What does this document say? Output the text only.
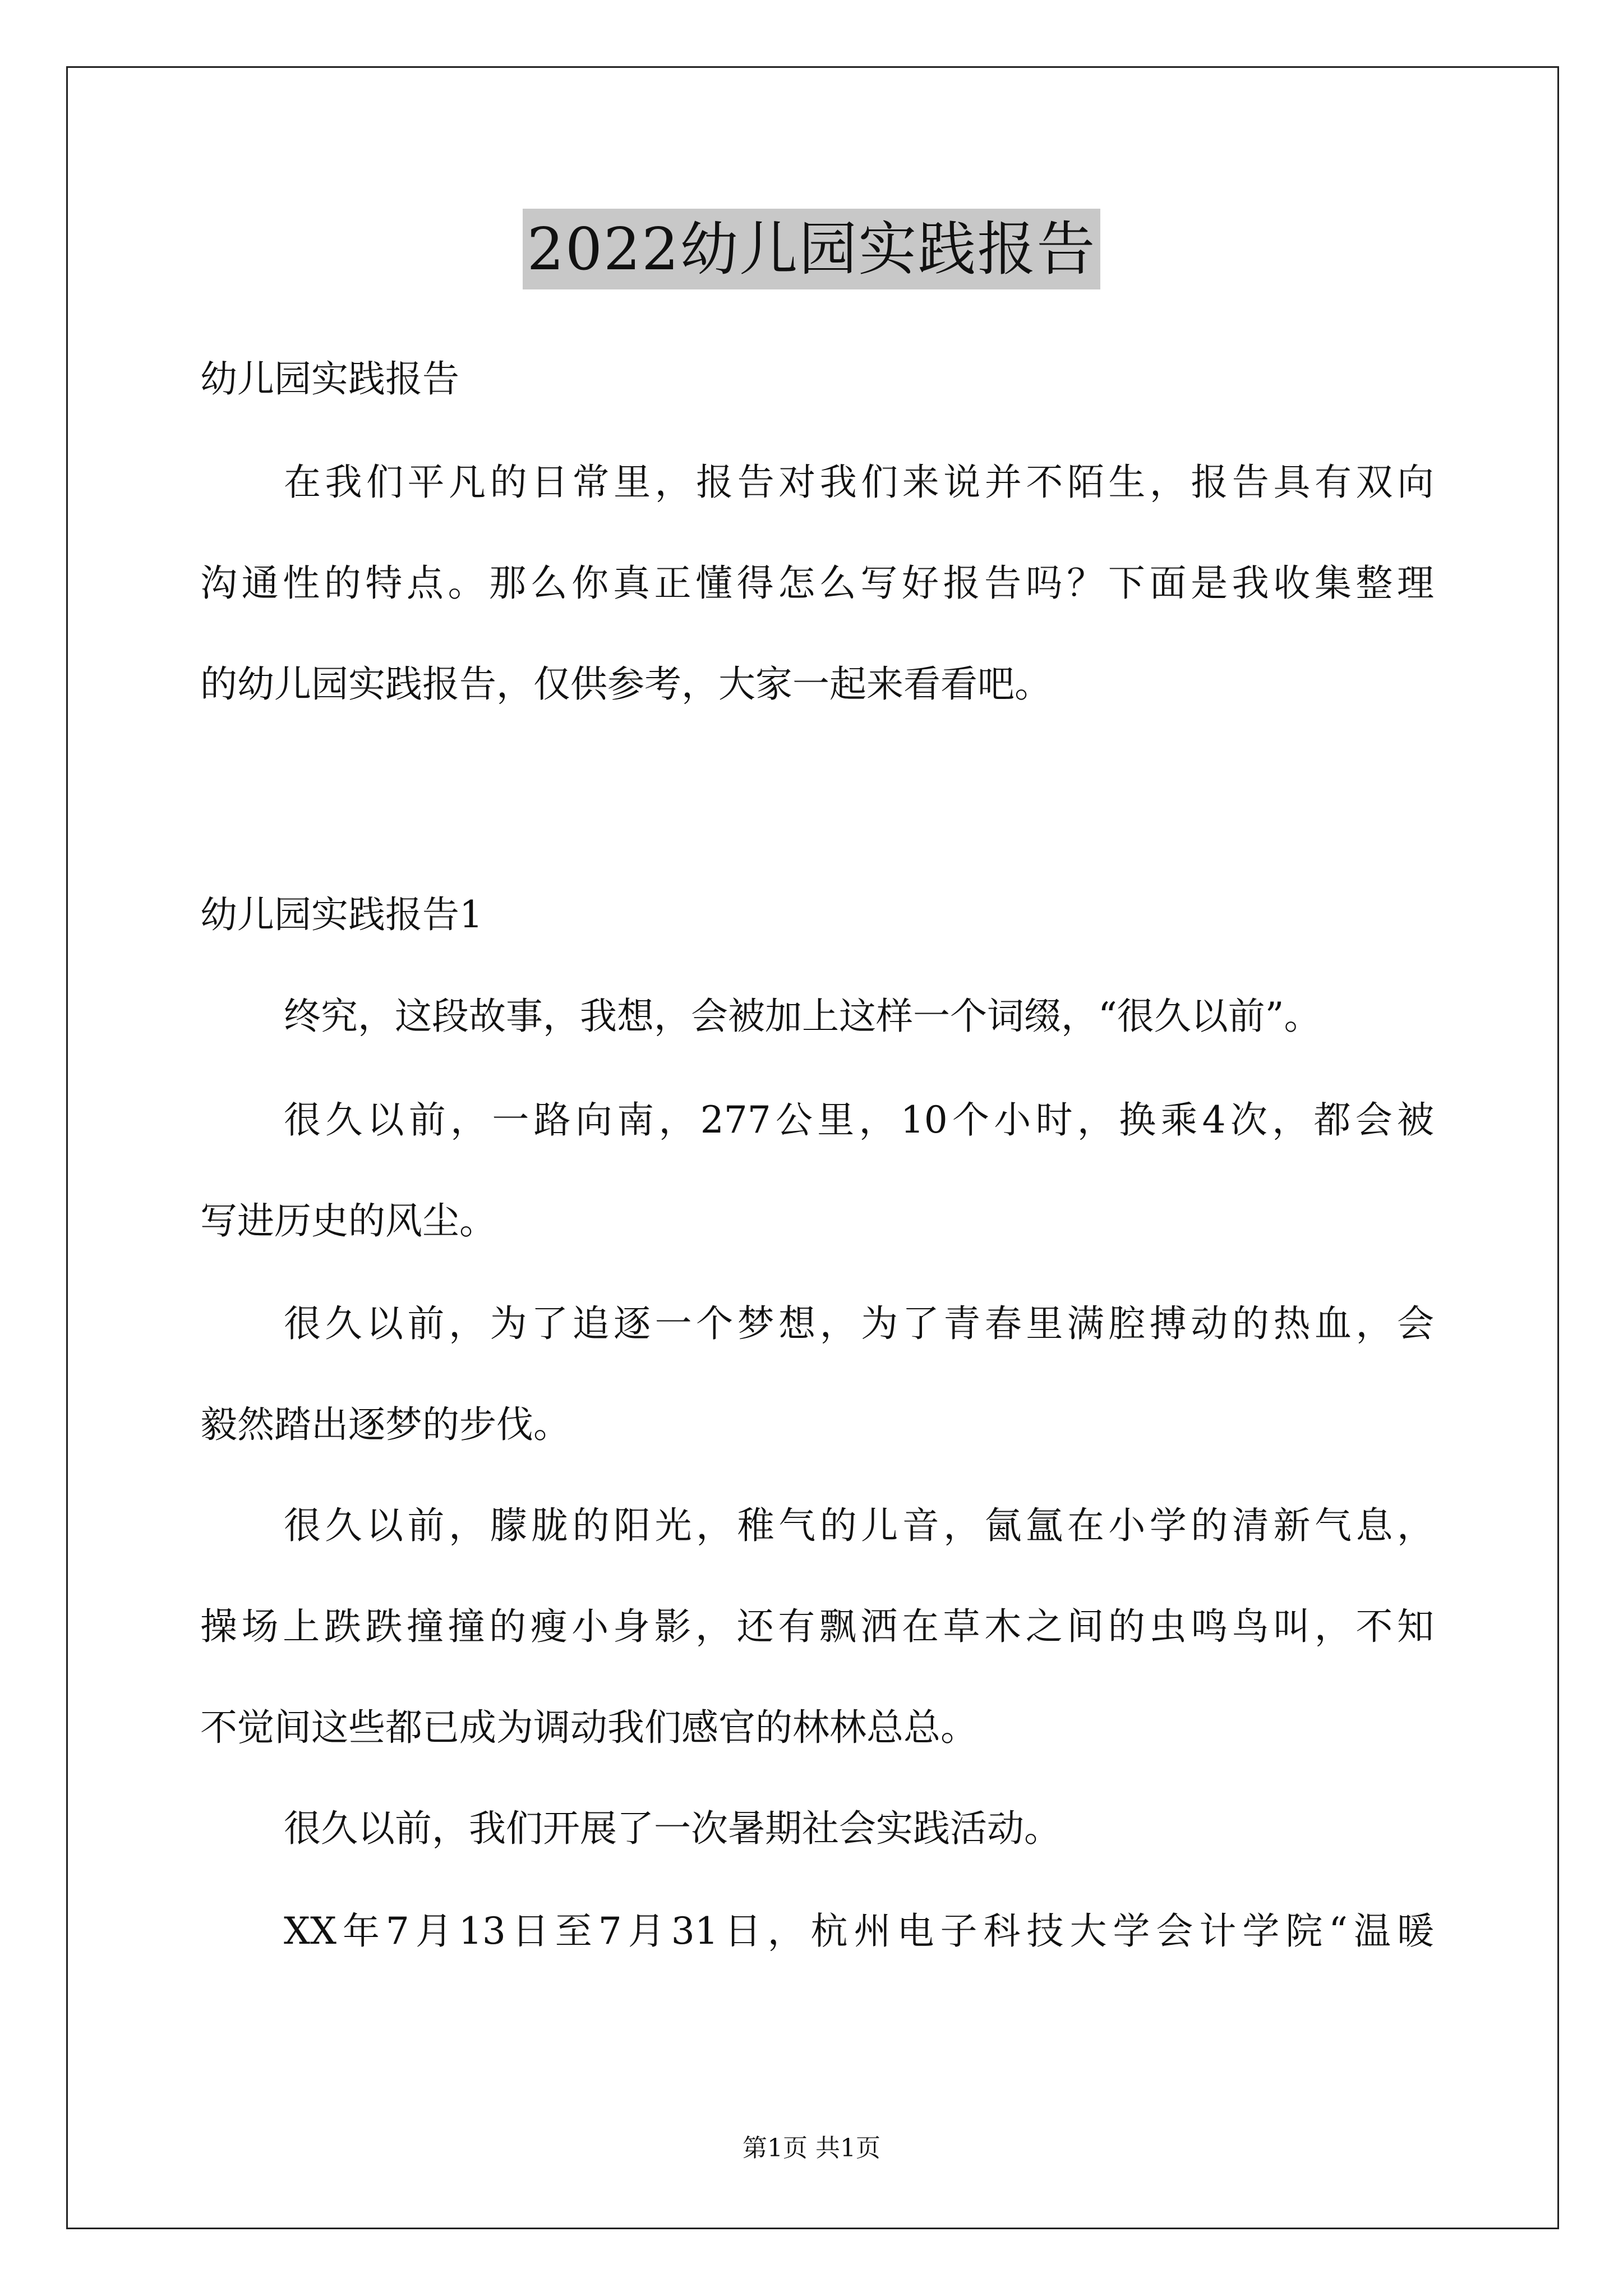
2022幼儿园实践报告
幼儿园实践报告
在我们平凡的日常里，报告对我们来说并不陌生，报告具有双向
沟通性的特点。那么你真正懂得怎么写好报告吗？下面是我收集整理
的幼儿园实践报告，仅供参考，大家一起来看看吧。
幼儿园实践报告1
终究，这段故事，我想，会被加上这样一个词缀，“很久以前”。
很久以前，一路向南，277公里，10个小时，换乘4次，都会被
写进历史的风尘。
很久以前，为了追逐一个梦想，为了青春里满腔搏动的热血，会
毅然踏出逐梦的步伐。
很久以前，朦胧的阳光，稚气的儿音，氤氲在小学的清新气息，
操场上跌跌撞撞的瘦小身影，还有飘洒在草木之间的虫鸣鸟叫，不知
不觉间这些都已成为调动我们感官的林林总总。
很久以前，我们开展了一次暑期社会实践活动。
XX年7月13日至7月31日，杭州电子科技大学会计学院“温暖
第1页 共1页
